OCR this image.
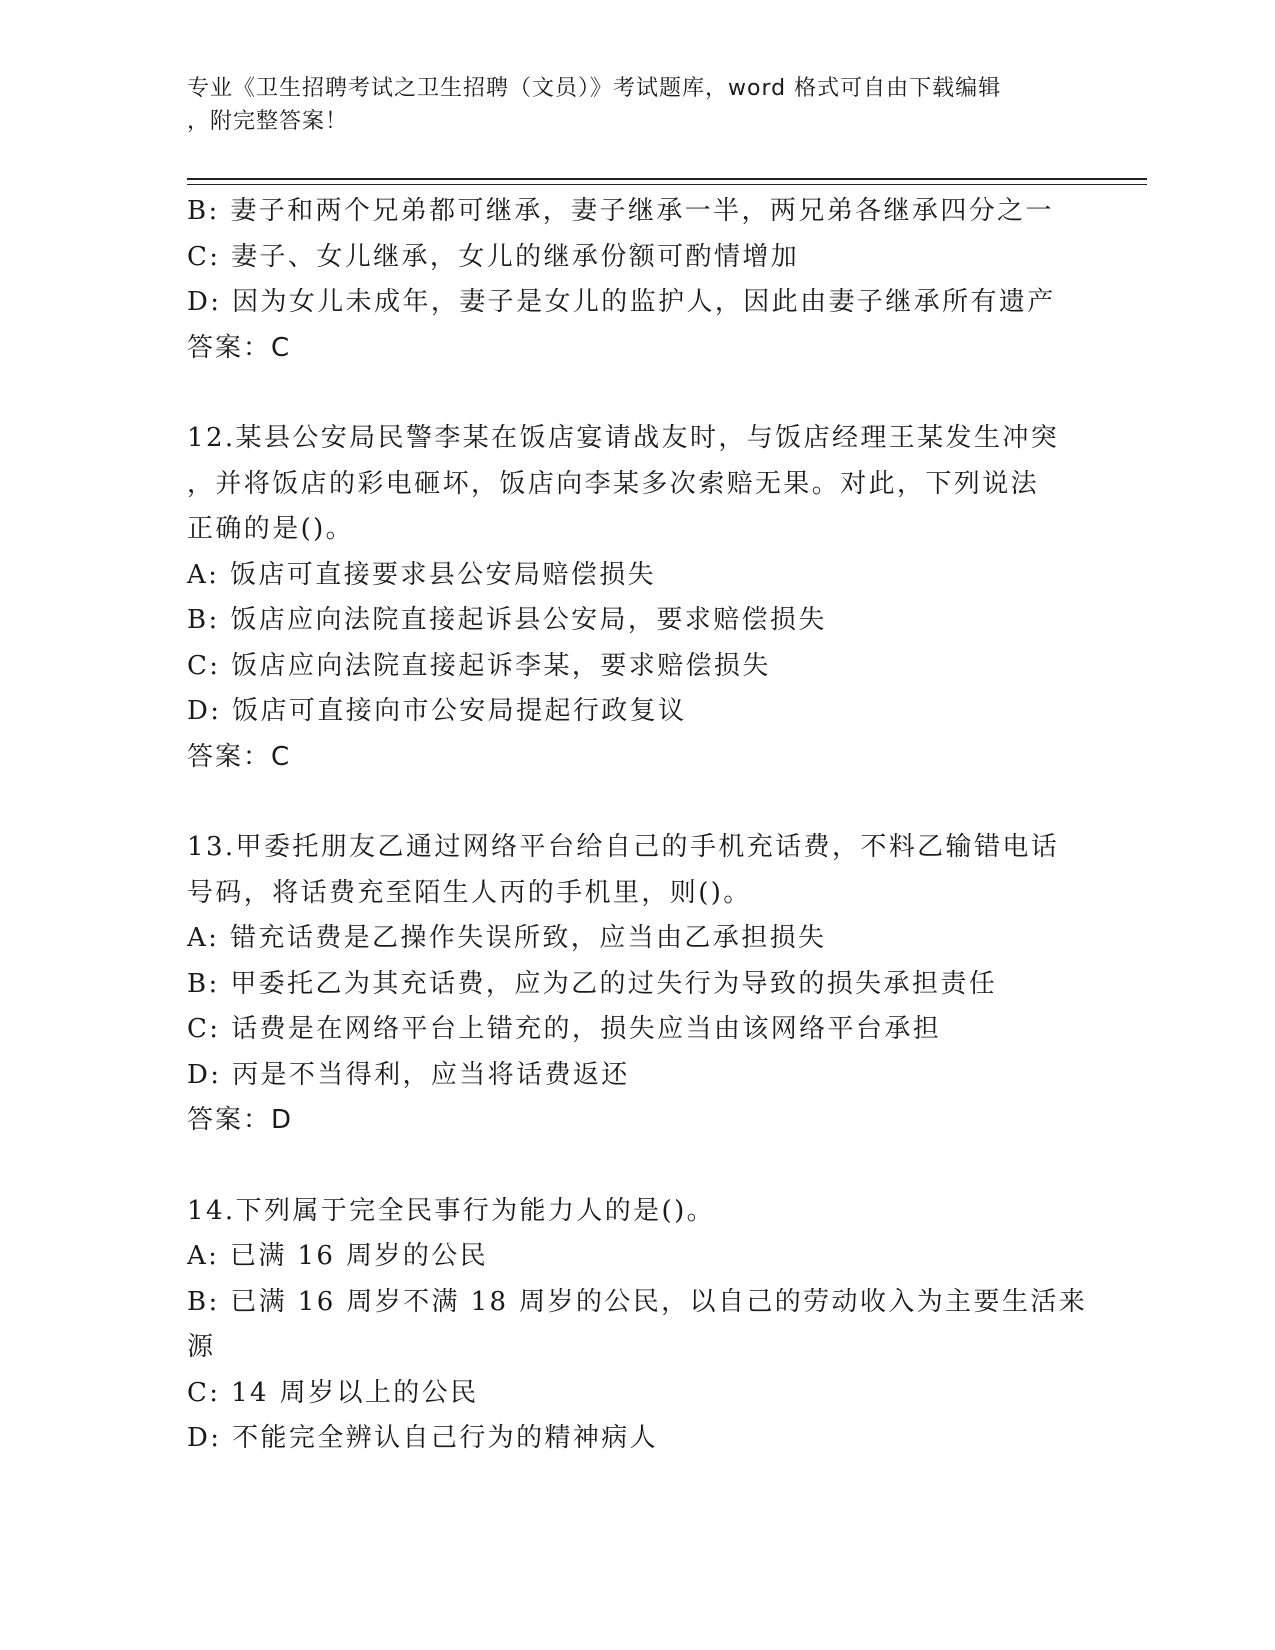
专业《卫生招聘考试之卫生招聘（文员）》考试题库，word 格式可自由下载编辑
，附完整答案！
B: 妻子和两个兄弟都可继承，妻子继承一半，两兄弟各继承四分之一
C: 妻子、女儿继承，女儿的继承份额可酌情增加
D: 因为女儿未成年，妻子是女儿的监护人，因此由妻子继承所有遗产
答案：C
12.某县公安局民警李某在饭店宴请战友时，与饭店经理王某发生冲突
，并将饭店的彩电砸坏，饭店向李某多次索赔无果。对此，下列说法
正确的是()。
A: 饭店可直接要求县公安局赔偿损失
B: 饭店应向法院直接起诉县公安局，要求赔偿损失
C: 饭店应向法院直接起诉李某，要求赔偿损失
D: 饭店可直接向市公安局提起行政复议
答案：C
13.甲委托朋友乙通过网络平台给自己的手机充话费，不料乙输错电话
号码，将话费充至陌生人丙的手机里，则()。
A: 错充话费是乙操作失误所致，应当由乙承担损失
B: 甲委托乙为其充话费，应为乙的过失行为导致的损失承担责任
C: 话费是在网络平台上错充的，损失应当由该网络平台承担
D: 丙是不当得利，应当将话费返还
答案：D
14.下列属于完全民事行为能力人的是()。
A: 已满 16 周岁的公民
B: 已满 16 周岁不满 18 周岁的公民，以自己的劳动收入为主要生活来
源
C: 14 周岁以上的公民
D: 不能完全辨认自己行为的精神病人
